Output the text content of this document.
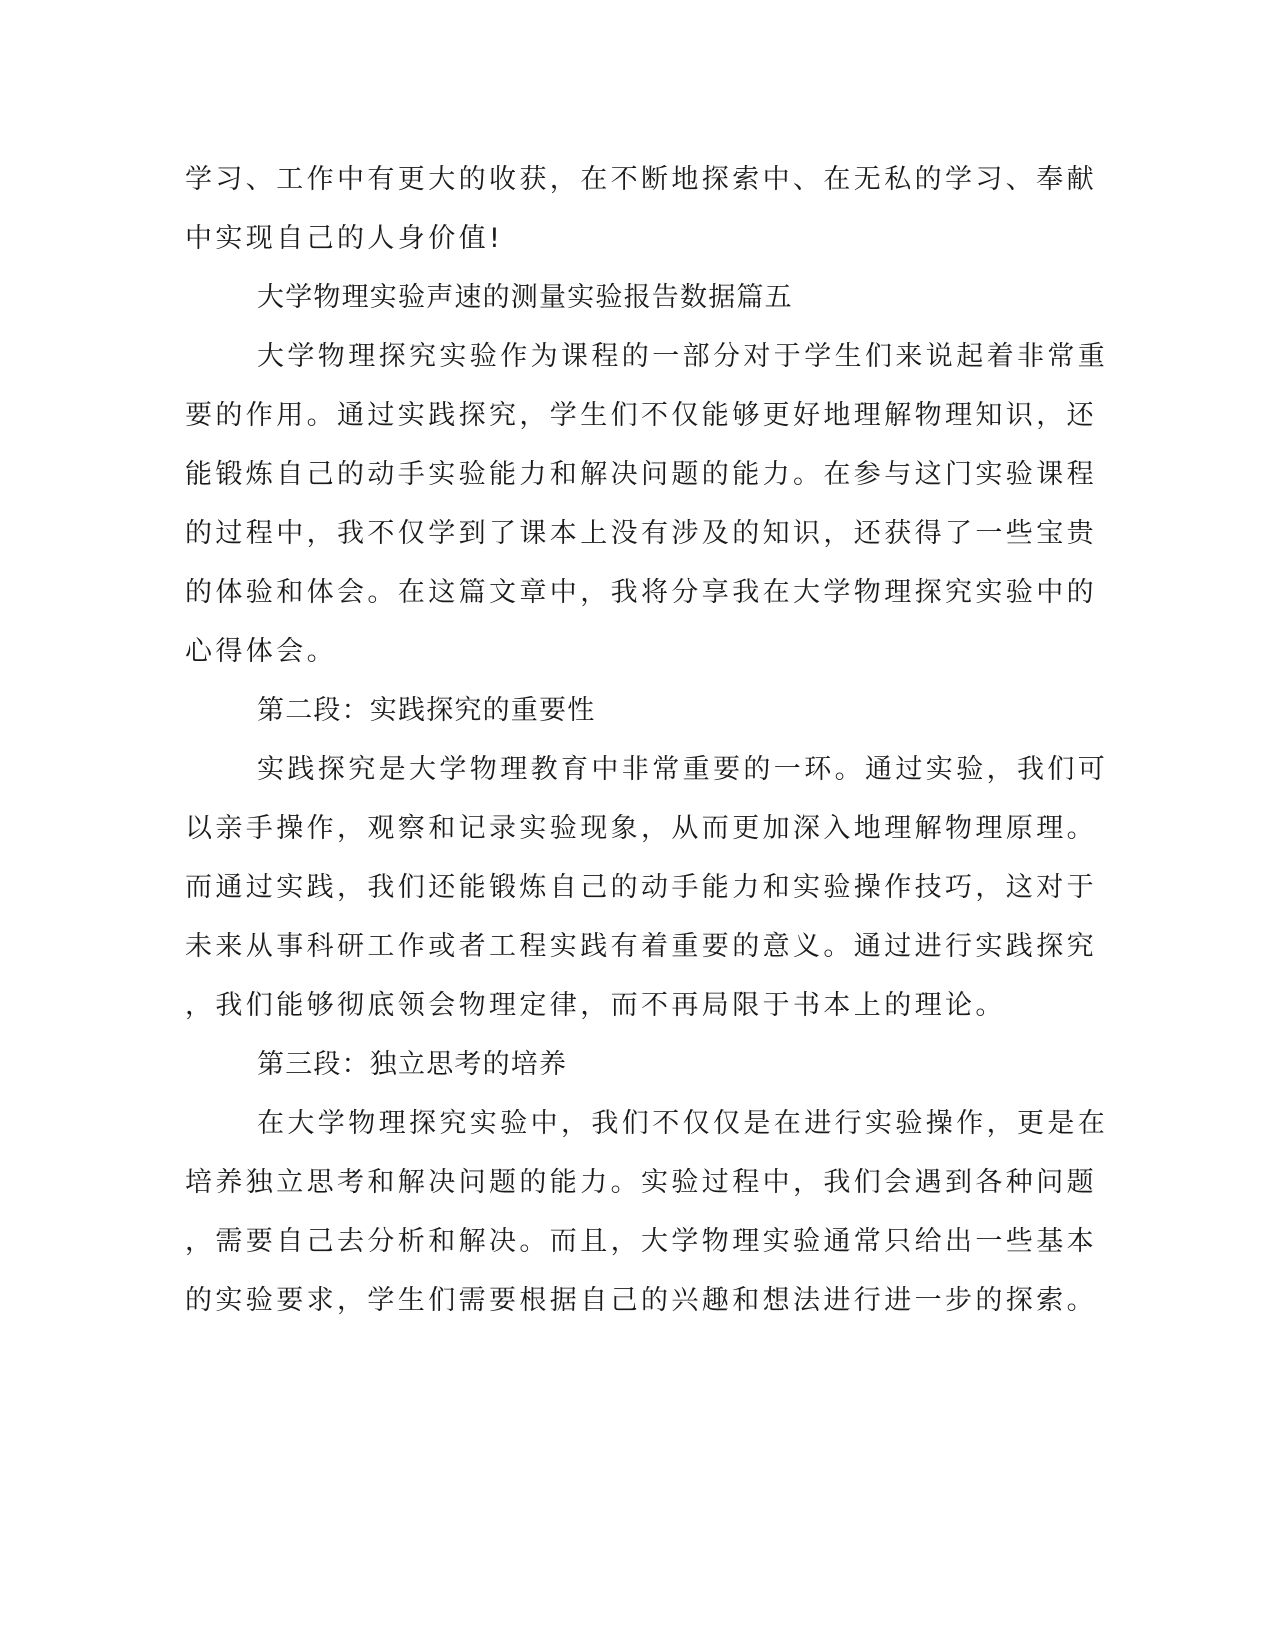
学习、工作中有更大的收获，在不断地探索中、在无私的学习、奉献
中实现自己的人身价值!
大学物理实验声速的测量实验报告数据篇五
大学物理探究实验作为课程的一部分对于学生们来说起着非常重
要的作用。通过实践探究，学生们不仅能够更好地理解物理知识，还
能锻炼自己的动手实验能力和解决问题的能力。在参与这门实验课程
的过程中，我不仅学到了课本上没有涉及的知识，还获得了一些宝贵
的体验和体会。在这篇文章中，我将分享我在大学物理探究实验中的
心得体会。
第二段：实践探究的重要性
实践探究是大学物理教育中非常重要的一环。通过实验，我们可
以亲手操作，观察和记录实验现象，从而更加深入地理解物理原理。
而通过实践，我们还能锻炼自己的动手能力和实验操作技巧，这对于
未来从事科研工作或者工程实践有着重要的意义。通过进行实践探究
，我们能够彻底领会物理定律，而不再局限于书本上的理论。
第三段：独立思考的培养
在大学物理探究实验中，我们不仅仅是在进行实验操作，更是在
培养独立思考和解决问题的能力。实验过程中，我们会遇到各种问题
，需要自己去分析和解决。而且，大学物理实验通常只给出一些基本
的实验要求，学生们需要根据自己的兴趣和想法进行进一步的探索。
